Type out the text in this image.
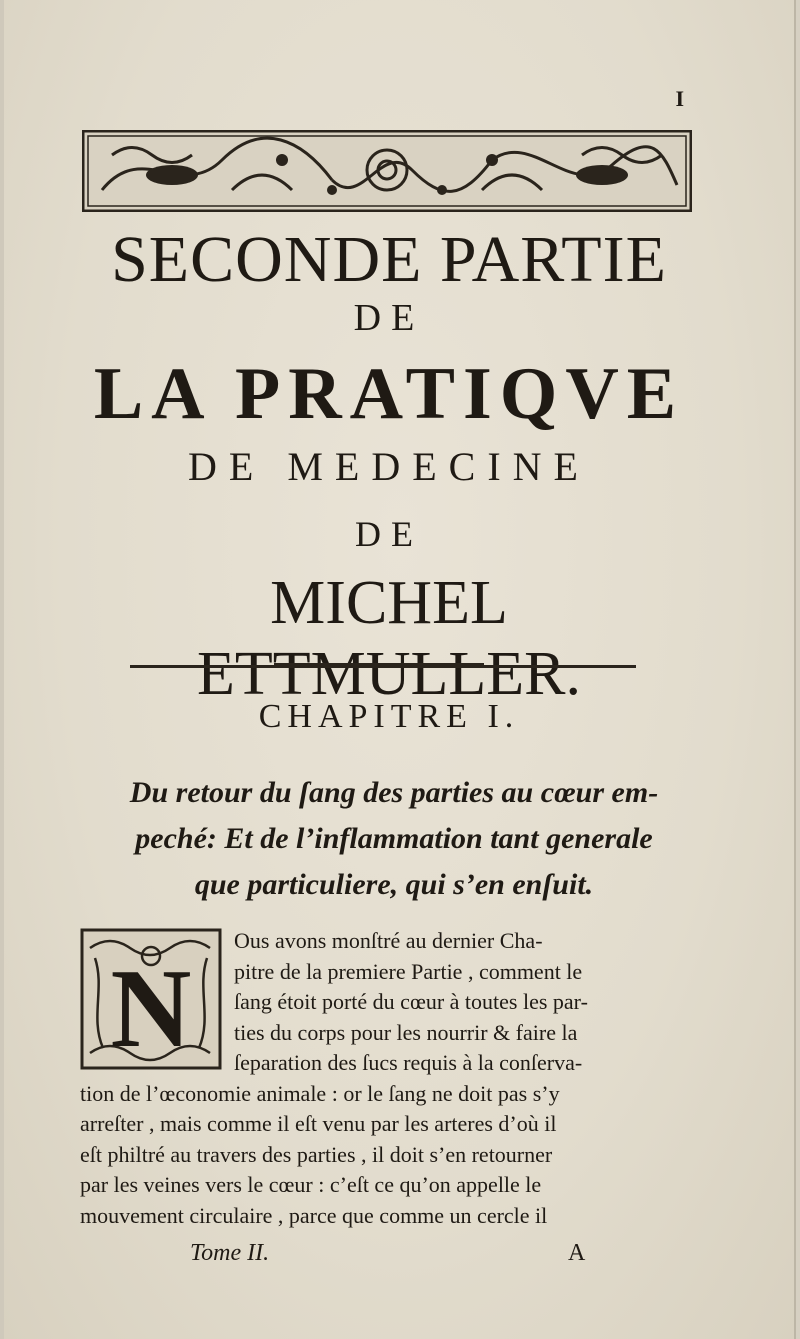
I
SECONDE PARTIE
DE
LA PRATIQVE
DE MEDECINE
DE
MICHEL ETTMULLER.
CHAPITRE I.
Du retour du ſang des parties au cœur em-
peché: Et de l’inflammation tant generale
que particuliere, qui s’en enſuit.
N
Ous avons monſtré au dernier Cha-
pitre de la premiere Partie , comment le
ſang étoit porté du cœur à toutes les par-
ties du corps pour les nourrir & faire la
ſeparation des ſucs requis à la conſerva-
tion de l’œconomie animale : or le ſang ne doit pas s’y
arreſter , mais comme il eſt venu par les arteres d’où il
eſt philtré au travers des parties , il doit s’en retourner
par les veines vers le cœur : c’eſt ce qu’on appelle le
mouvement circulaire , parce que comme un cercle il
Tome II.	A
